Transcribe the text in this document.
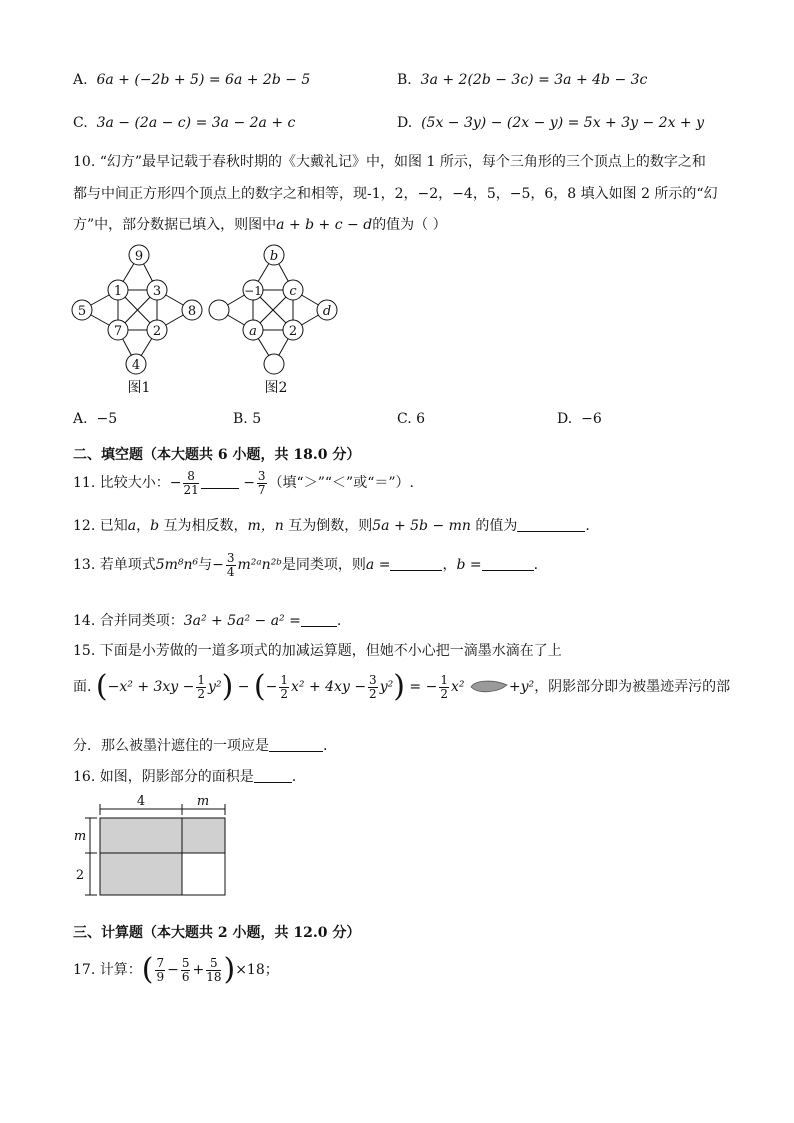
A. 6a + (−2b + 5) = 6a + 2b − 5	B. 3a + 2(2b − 3c) = 3a + 4b − 3c
C. 3a − (2a − c) = 3a − 2a + c	D. (5x − 3y) − (2x − y) = 5x + 3y − 2x + y
10. “幻方”最早记载于春秋时期的《大戴礼记》中，如图 1 所示，每个三角形的三个顶点上的数字之和
都与中间正方形四个顶点上的数字之和相等，现-1，2，−2，−4，5，−5，6，8 填入如图 2 所示的“幻
方”中，部分数据已填入，则图中a + b + c − d的值为（ ）
9
1 3
5	8
7 2
4
b
−1 c
d
a 2
图1	图2
A. −5	B. 5	C. 6	D. −6
二、填空题（本大题共 6 小题，共 18.0 分）
11. 比较大小：− $\frac{8}{21}$	− $\frac{3}{7}$ （填“＞”“＜”或“＝”）.
12. 已知a，b 互为相反数，m，n 互为倒数，则5a + 5b − mn 的值为	.
13. 若单项式5m⁸n⁶与− $\frac{3}{4}$ m²ᵃn²ᵇ是同类项，则a =	，b =	.
14. 合并同类项：3a² + 5a² − a² =	.
15. 下面是小芳做的一道多项式的加减运算题，但她不小心把一滴墨水滴在了上
面. $(-x^2 + 3xy - \frac{1}{2} y^2)$ − (− $\frac{1}{2} x^2 + 4xy - \frac{3}{2} y^2$) = − $\frac{1}{2} x^2$	+y²，阴影部分即为被墨迹弄污的部
分．那么被墨汁遮住的一项应是	.
16. 如图，阴影部分的面积是	.
4	m
m
2
三、计算题（本大题共 2 小题，共 12.0 分）
17. 计算：( $\frac{7}{9} - \frac{5}{6} + \frac{5}{18} )\times 18$；
